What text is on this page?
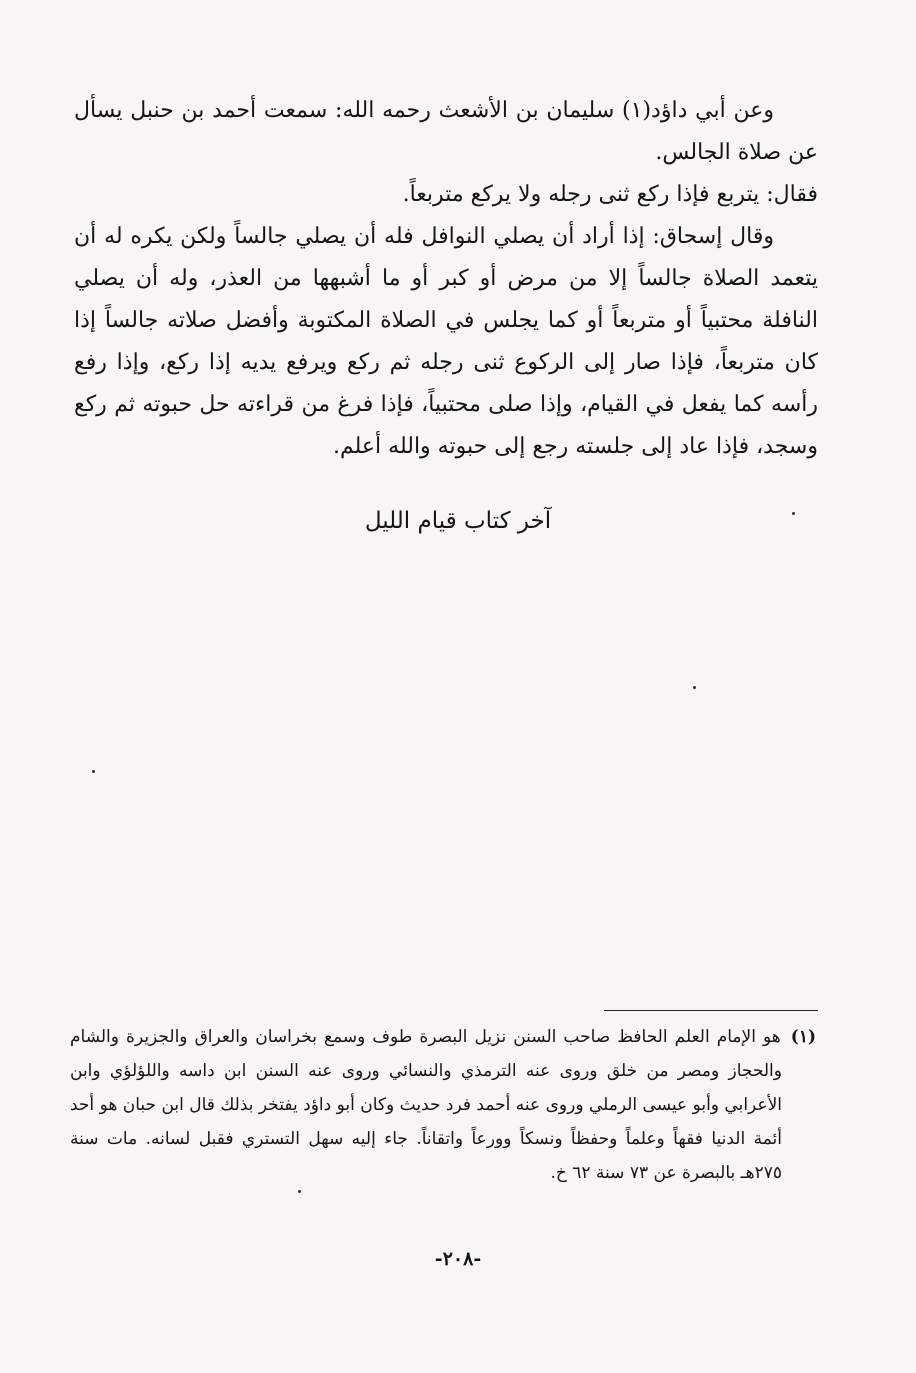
وعن أبي داؤد(١) سليمان بن الأشعث رحمه الله: سمعت أحمد بن حنبل يسأل عن صلاة الجالس.

فقال: يتربع فإذا ركع ثنى رجله ولا يركع متربعاً.

وقال إسحاق: إذا أراد أن يصلي النوافل فله أن يصلي جالساً ولكن يكره له أن يتعمد الصلاة جالساً إلا من مرض أو كبر أو ما أشبهها من العذر، وله أن يصلي النافلة محتبياً أو متربعاً أو كما يجلس في الصلاة المكتوبة وأفضل صلاته جالساً إذا كان متربعاً، فإذا صار إلى الركوع ثنى رجله ثم ركع ويرفع يديه إذا ركع، وإذا رفع رأسه كما يفعل في القيام، وإذا صلى محتبياً، فإذا فرغ من قراءته حل حبوته ثم ركع وسجد، فإذا عاد إلى جلسته رجع إلى حبوته والله أعلم.

آخر كتاب قيام الليل
(١)

هو الإمام العلم الحافظ صاحب السنن نزيل البصرة طوف وسمع بخراسان والعراق والجزيرة والشام والحجاز ومصر من خلق وروى عنه الترمذي والنسائي وروى عنه السنن ابن داسه واللؤلؤي وابن الأعرابي وأبو عيسى الرملي وروى عنه أحمد فرد حديث وكان أبو داؤد يفتخر بذلك قال ابن حبان هو أحد أئمة الدنيا فقهاً وعلماً وحفظاً ونسكاً وورعاً واتقاناً. جاء إليه سهل التستري فقبل لسانه. مات سنة ٢٧٥هـ بالبصرة عن ٧٣ سنة ٦٢ خ.

-٢٠٨-
